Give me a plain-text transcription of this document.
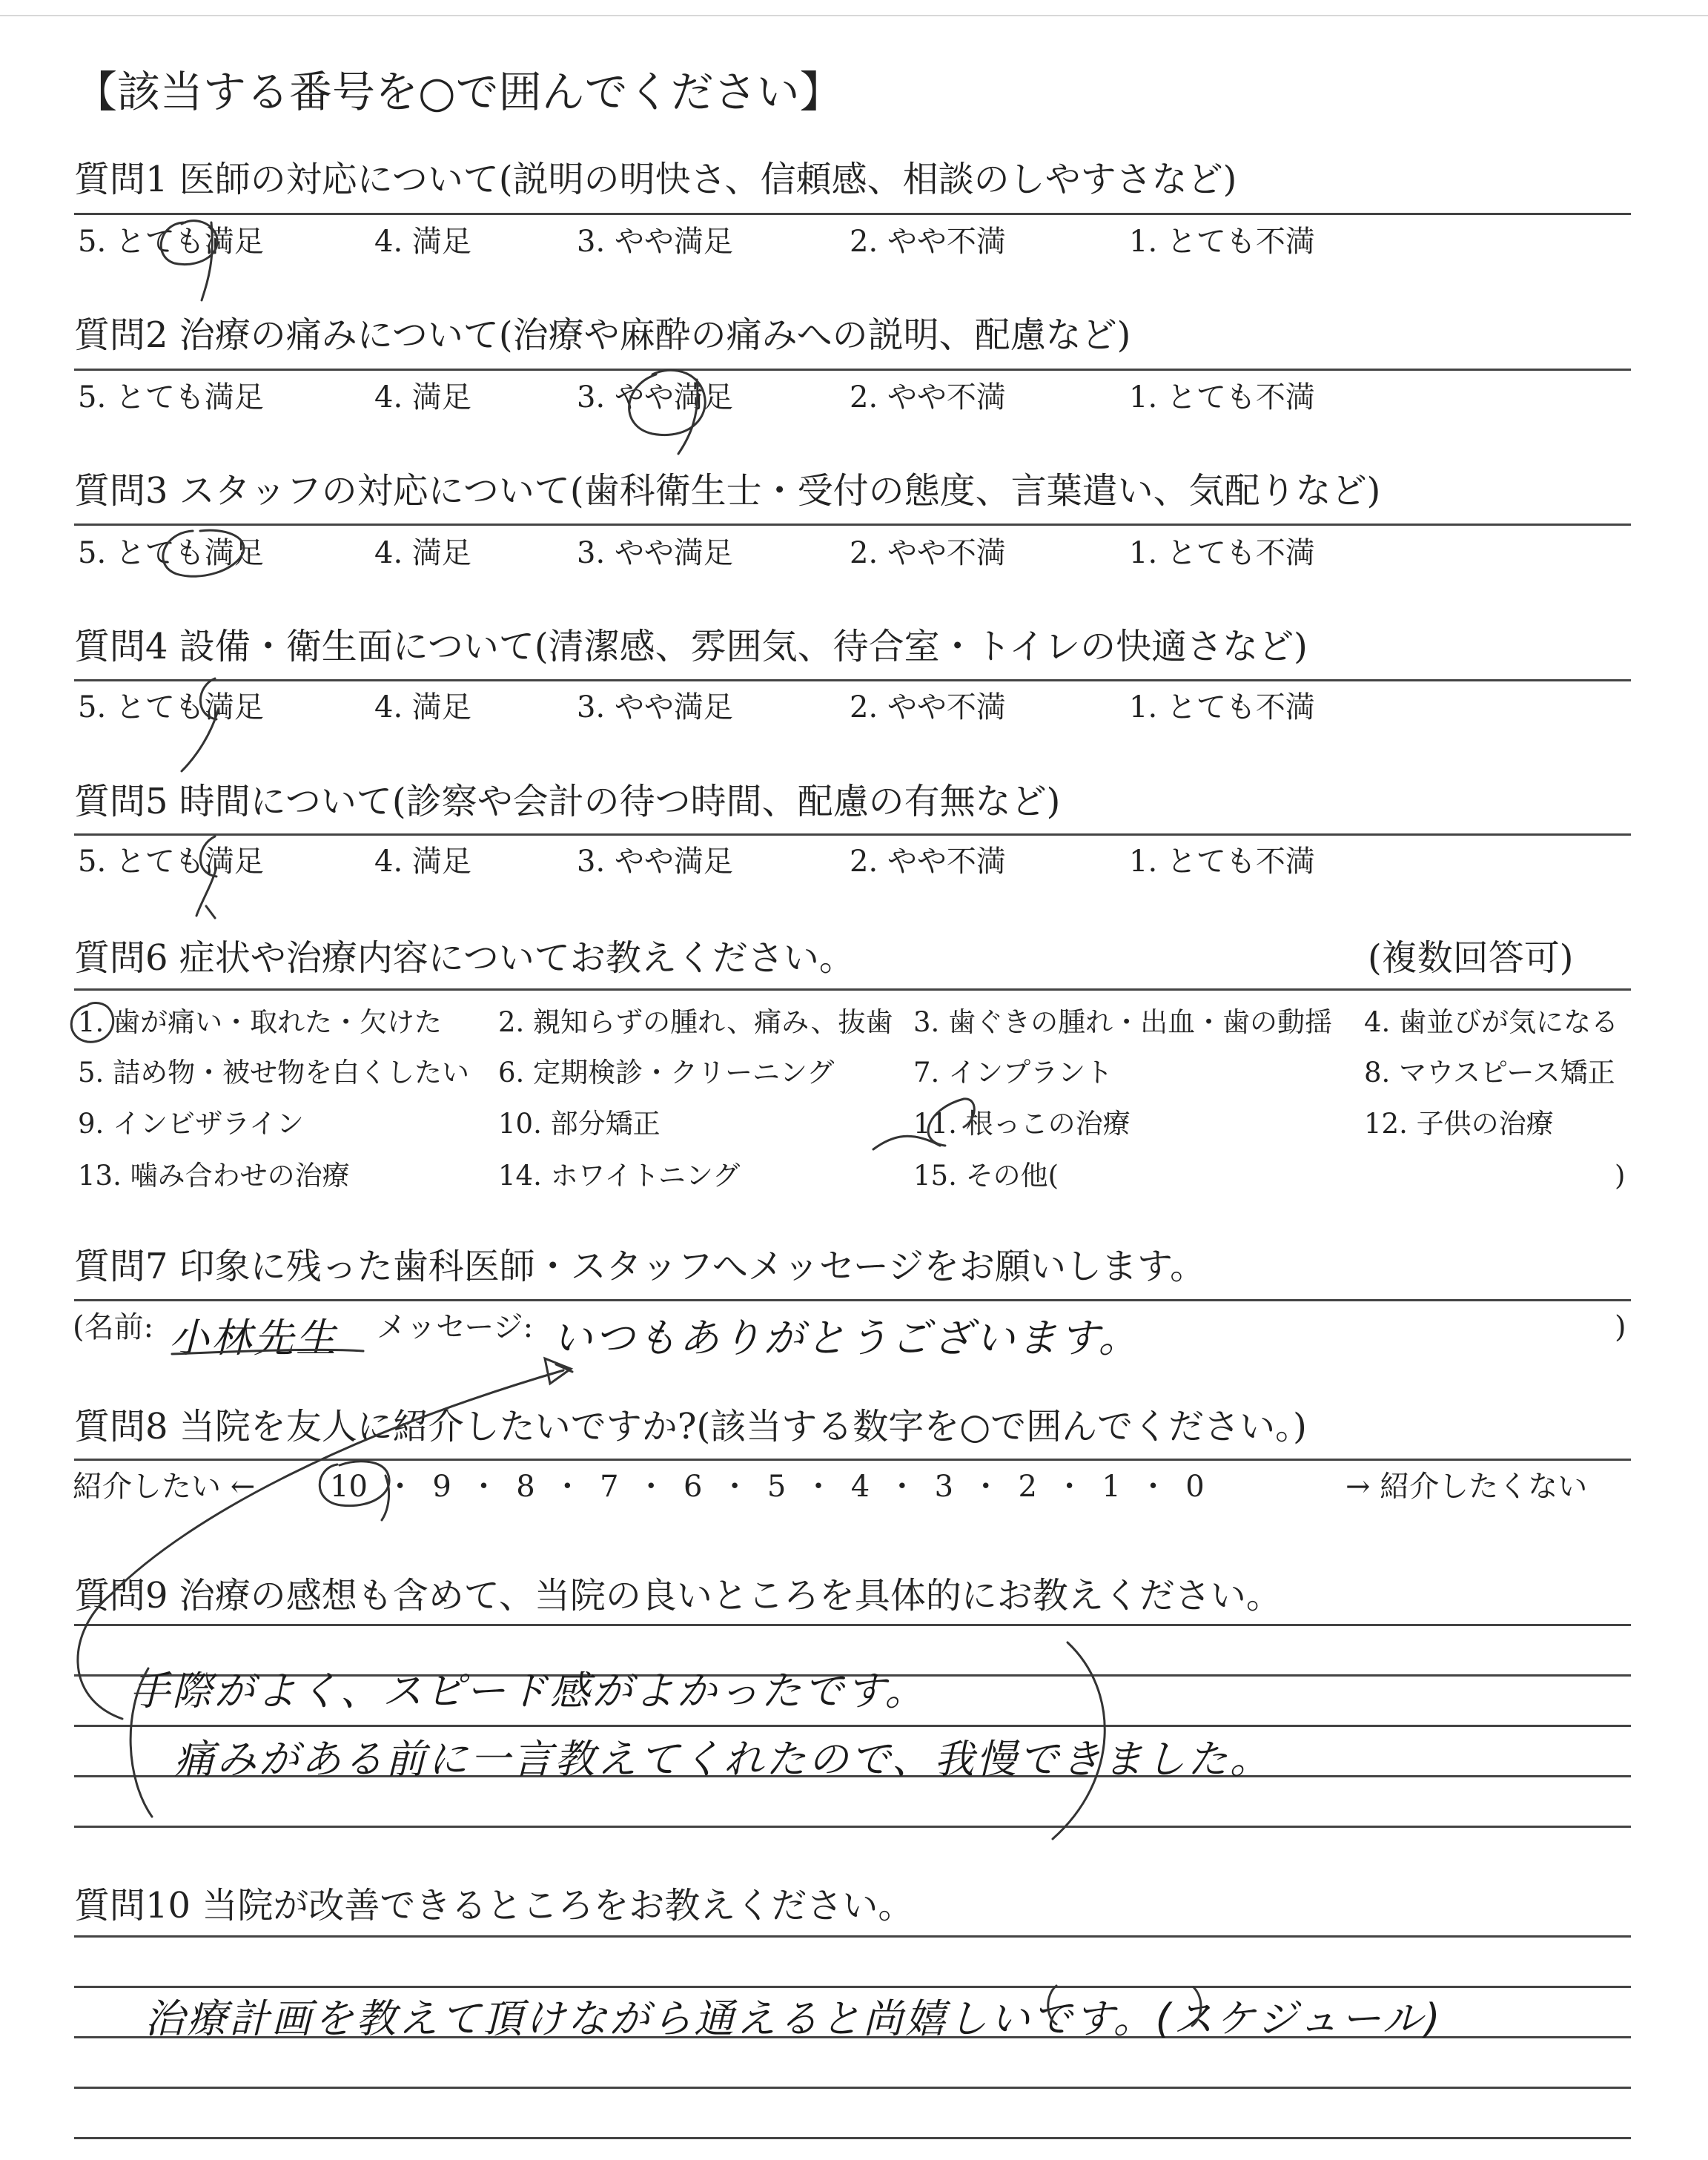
【該当する番号を○で囲んでください】
質問1 医師の対応について(説明の明快さ、信頼感、相談のしやすさなど)
5. とても満足	4. 満足	3. やや満足	2. やや不満	1. とても不満
質問2 治療の痛みについて(治療や麻酔の痛みへの説明、配慮など)
5. とても満足	4. 満足	3. やや満足	2. やや不満	1. とても不満
質問3 スタッフの対応について(歯科衛生士・受付の態度、言葉遣い、気配りなど)
5. とても満足	4. 満足	3. やや満足	2. やや不満	1. とても不満
質問4 設備・衛生面について(清潔感、雰囲気、待合室・トイレの快適さなど)
5. とても満足	4. 満足	3. やや満足	2. やや不満	1. とても不満
質問5 時間について(診察や会計の待つ時間、配慮の有無など)
5. とても満足	4. 満足	3. やや満足	2. やや不満	1. とても不満
質問6 症状や治療内容についてお教えください。	(複数回答可)
1. 歯が痛い・取れた・欠けた 2. 親知らずの腫れ、痛み、抜歯 3. 歯ぐきの腫れ・出血・歯の動揺 4. 歯並びが気になる
5. 詰め物・被せ物を白くしたい 6. 定期検診・クリーニング	7. インプラント	8. マウスピース矯正
9. インビザライン	10. 部分矯正	11. 根っこの治療	12. 子供の治療
13. 噛み合わせの治療	14. ホワイトニング	15. その他(	)
質問7 印象に残った歯科医師・スタッフへメッセージをお願いします。
(名前: 小林先生 メッセージ: いつもありがとうございます。	)
質問8 当院を友人に紹介したいですか?(該当する数字を○で囲んでください。)
紹介したい ←	10 ・ 9 ・ 8 ・ 7 ・ 6 ・ 5 ・ 4 ・ 3 ・ 2 ・ 1 ・ 0	→ 紹介したくない
質問9 治療の感想も含めて、当院の良いところを具体的にお教えください。
手際がよく、スピード感がよかったです。
痛みがある前に一言教えてくれたので、我慢できました。
質問10 当院が改善できるところをお教えください。
治療計画を教えて頂けながら通えると尚嬉しいです。(スケジュール)
